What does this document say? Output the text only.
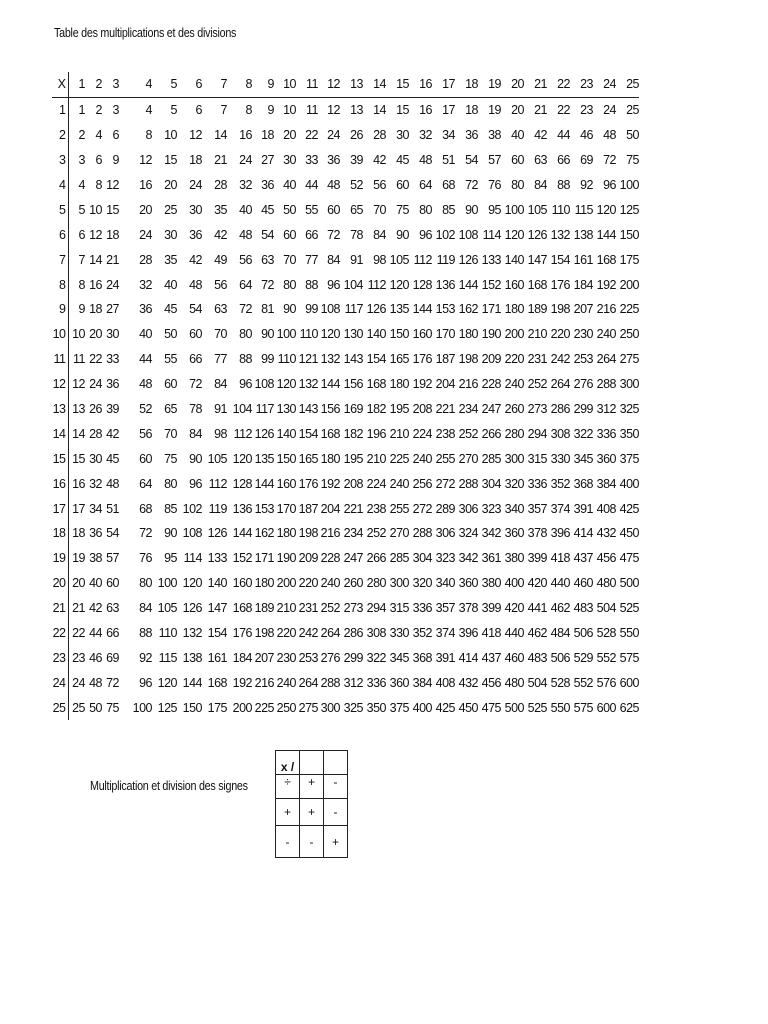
Table des multiplications et des divisions
X	1	2	3	4	5	6	7	8	9	10	11	12	13	14	15	16	17	18	19	20	21	22	23	24	25
1	1	2	3	4	5	6	7	8	9	10	11	12	13	14	15	16	17	18	19	20	21	22	23	24	25
2	2	4	6	8	10	12	14	16	18	20	22	24	26	28	30	32	34	36	38	40	42	44	46	48	50
3	3	6	9	12	15	18	21	24	27	30	33	36	39	42	45	48	51	54	57	60	63	66	69	72	75
4	4	8	12	16	20	24	28	32	36	40	44	48	52	56	60	64	68	72	76	80	84	88	92	96	100
5	5	10	15	20	25	30	35	40	45	50	55	60	65	70	75	80	85	90	95	100	105	110	115	120	125
6	6	12	18	24	30	36	42	48	54	60	66	72	78	84	90	96	102	108	114	120	126	132	138	144	150
7	7	14	21	28	35	42	49	56	63	70	77	84	91	98	105	112	119	126	133	140	147	154	161	168	175
8	8	16	24	32	40	48	56	64	72	80	88	96	104	112	120	128	136	144	152	160	168	176	184	192	200
9	9	18	27	36	45	54	63	72	81	90	99	108	117	126	135	144	153	162	171	180	189	198	207	216	225
10	10	20	30	40	50	60	70	80	90	100	110	120	130	140	150	160	170	180	190	200	210	220	230	240	250
11	11	22	33	44	55	66	77	88	99	110	121	132	143	154	165	176	187	198	209	220	231	242	253	264	275
12	12	24	36	48	60	72	84	96	108	120	132	144	156	168	180	192	204	216	228	240	252	264	276	288	300
13	13	26	39	52	65	78	91	104	117	130	143	156	169	182	195	208	221	234	247	260	273	286	299	312	325
14	14	28	42	56	70	84	98	112	126	140	154	168	182	196	210	224	238	252	266	280	294	308	322	336	350
15	15	30	45	60	75	90	105	120	135	150	165	180	195	210	225	240	255	270	285	300	315	330	345	360	375
16	16	32	48	64	80	96	112	128	144	160	176	192	208	224	240	256	272	288	304	320	336	352	368	384	400
17	17	34	51	68	85	102	119	136	153	170	187	204	221	238	255	272	289	306	323	340	357	374	391	408	425
18	18	36	54	72	90	108	126	144	162	180	198	216	234	252	270	288	306	324	342	360	378	396	414	432	450
19	19	38	57	76	95	114	133	152	171	190	209	228	247	266	285	304	323	342	361	380	399	418	437	456	475
20	20	40	60	80	100	120	140	160	180	200	220	240	260	280	300	320	340	360	380	400	420	440	460	480	500
21	21	42	63	84	105	126	147	168	189	210	231	252	273	294	315	336	357	378	399	420	441	462	483	504	525
22	22	44	66	88	110	132	154	176	198	220	242	264	286	308	330	352	374	396	418	440	462	484	506	528	550
23	23	46	69	92	115	138	161	184	207	230	253	276	299	322	345	368	391	414	437	460	483	506	529	552	575
24	24	48	72	96	120	144	168	192	216	240	264	288	312	336	360	384	408	432	456	480	504	528	552	576	600
25	25	50	75	100	125	150	175	200	225	250	275	300	325	350	375	400	425	450	475	500	525	550	575	600	625
Multiplication et division des signes
x /		
÷	+	-
+	+	-
-	-	+
